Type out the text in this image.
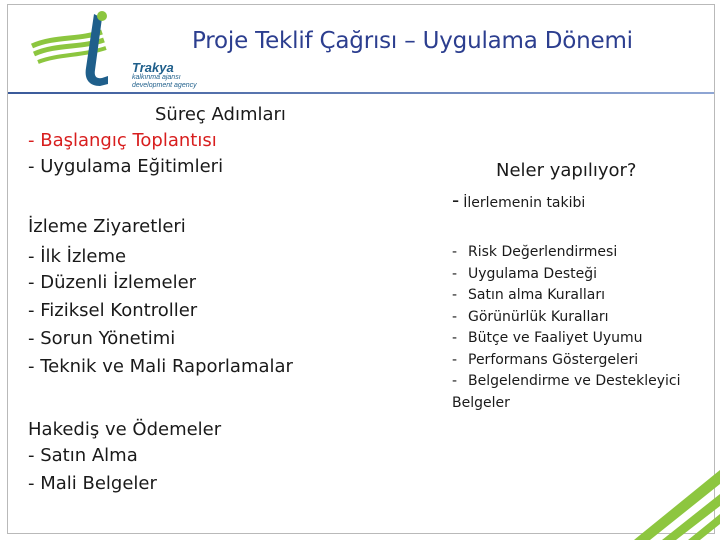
Trakya
kalkınma ajansı development agency
Proje Teklif Çağrısı – Uygulama Dönemi
Süreç Adımları
- Başlangıç Toplantısı
- Uygulama Eğitimleri
İzleme Ziyaretleri
- İlk İzleme
- Düzenli İzlemeler
- Fiziksel Kontroller
- Sorun Yönetimi
- Teknik ve Mali Raporlamalar
Hakediş ve Ödemeler
- Satın Alma
- Mali Belgeler
Neler yapılıyor?
- İlerlemenin takibi
- Risk Değerlendirmesi
- Uygulama Desteği
- Satın alma Kuralları
- Görünürlük Kuralları
- Bütçe ve Faaliyet Uyumu
- Performans Göstergeleri
- Belgelendirme ve Destekleyici
Belgeler
